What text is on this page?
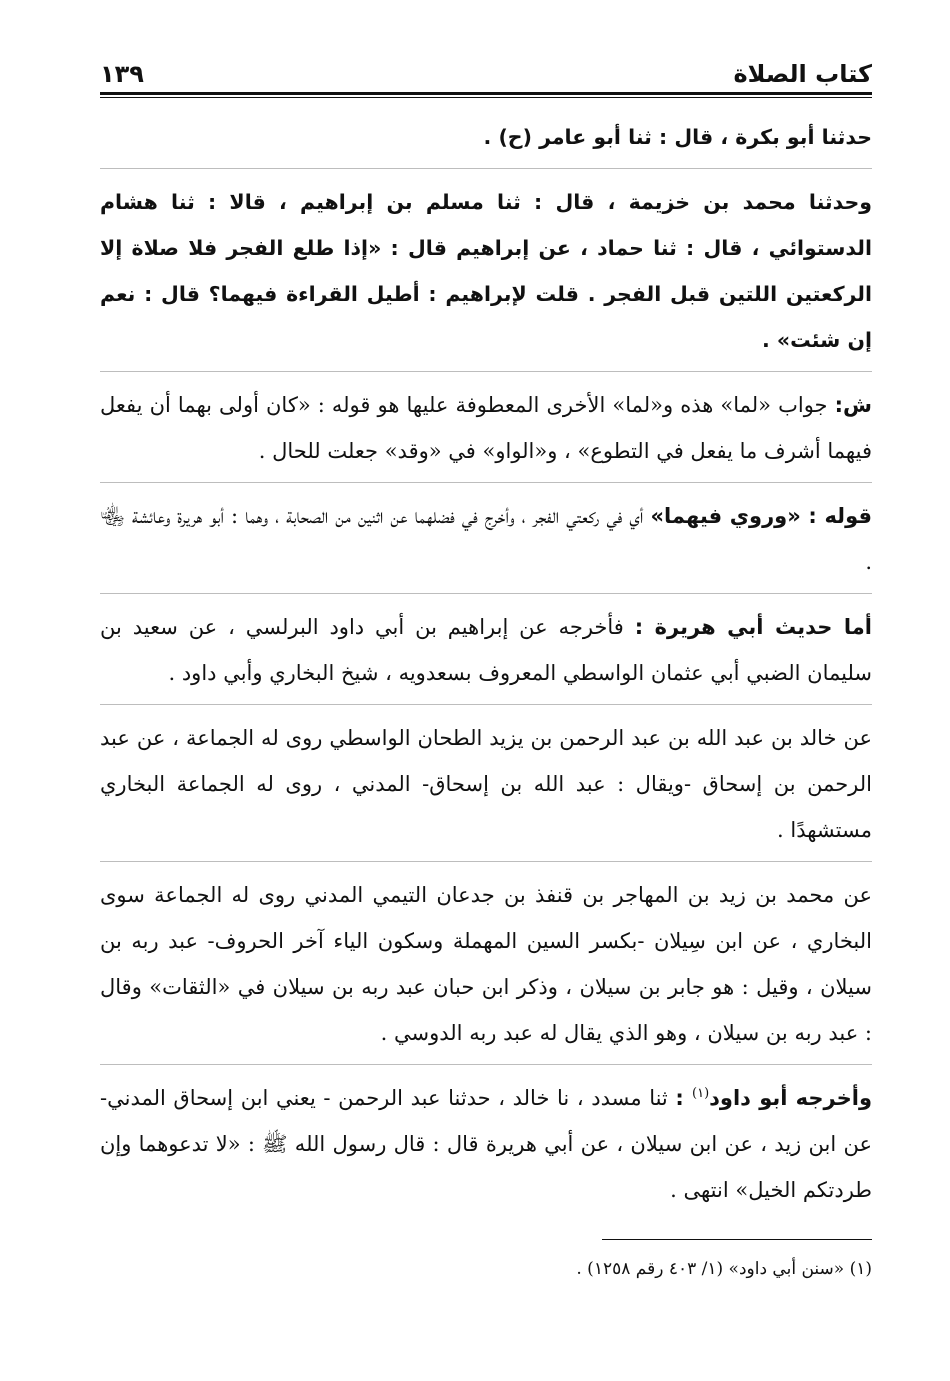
كتاب الصلاة
١٣٩

حدثنا أبو بكرة ، قال : ثنا أبو عامر (ح) .

وحدثنا محمد بن خزيمة ، قال : ثنا مسلم بن إبراهيم ، قالا : ثنا هشام الدستوائي ، قال : ثنا حماد ، عن إبراهيم قال : «إذا طلع الفجر فلا صلاة إلا الركعتين اللتين قبل الفجر . قلت لإبراهيم : أطيل القراءة فيهما؟ قال : نعم إن شئت» .

ش: جواب «لما» هذه و«لما» الأخرى المعطوفة عليها هو قوله : «كان أولى بهما أن يفعل فيهما أشرف ما يفعل في التطوع» ، و«الواو» في «وقد» جعلت للحال .

قوله : «وروي فيهما» أي في ركعتي الفجر ، وأخرج في فضلهما عن اثنين من الصحابة ، وهما : أبو هريرة وعائشة ﵄ .

أما حديث أبي هريرة : فأخرجه عن إبراهيم بن أبي داود البرلسي ، عن سعيد بن سليمان الضبي أبي عثمان الواسطي المعروف بسعدويه ، شيخ البخاري وأبي داود .

عن خالد بن عبد الله بن عبد الرحمن بن يزيد الطحان الواسطي روى له الجماعة ، عن عبد الرحمن بن إسحاق -ويقال : عبد الله بن إسحاق- المدني ، روى له الجماعة البخاري مستشهدًا .

عن محمد بن زيد بن المهاجر بن قنفذ بن جدعان التيمي المدني روى له الجماعة سوى البخاري ، عن ابن سِيلان -بكسر السين المهملة وسكون الياء آخر الحروف- عبد ربه بن سيلان ، وقيل : هو جابر بن سيلان ، وذكر ابن حبان عبد ربه بن سيلان في «الثقات» وقال : عبد ربه بن سيلان ، وهو الذي يقال له عبد ربه الدوسي .

وأخرجه أبو داود$^{(١)}$ : ثنا مسدد ، نا خالد ، حدثنا عبد الرحمن - يعني ابن إسحاق المدني- عن ابن زيد ، عن ابن سيلان ، عن أبي هريرة قال : قال رسول الله ﷺ : «لا تدعوهما وإن طردتكم الخيل» انتهى .

(١) «سنن أبي داود» (١/ ٤٠٣ رقم ١٢٥٨) .
